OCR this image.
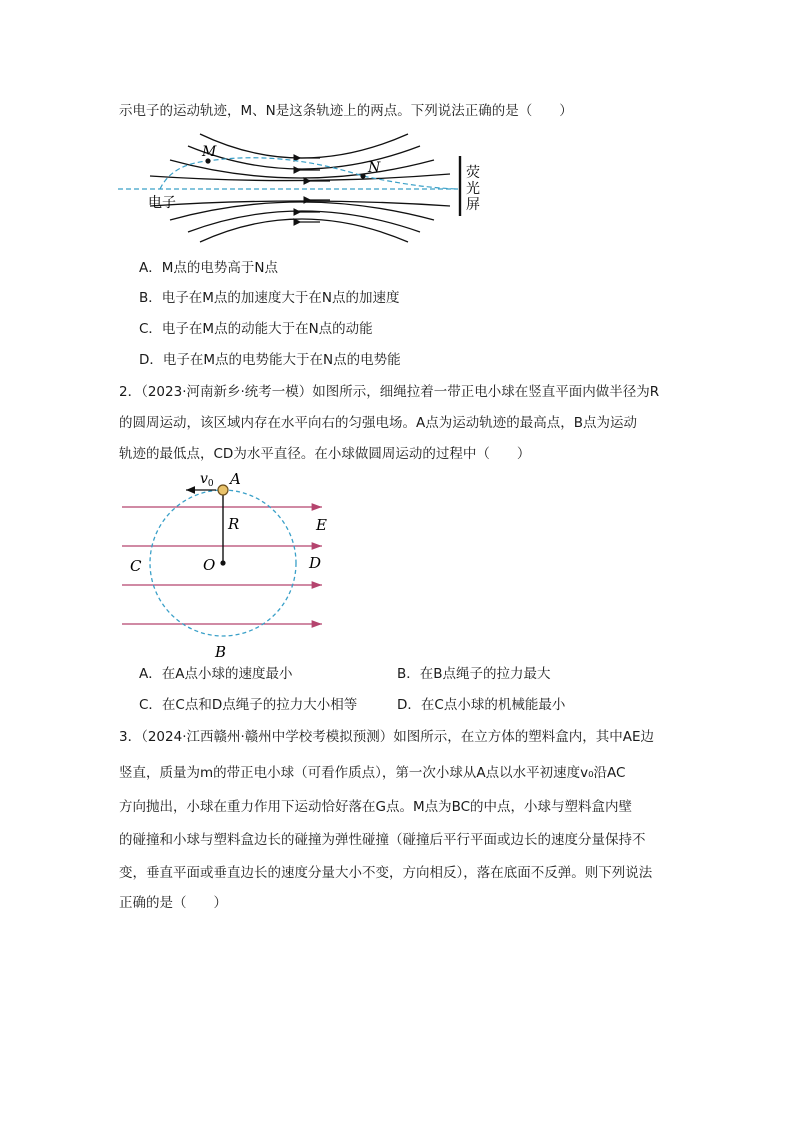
示电子的运动轨迹，M、N是这条轨迹上的两点。下列说法正确的是（　　）
M
N
电子
荧
光
屏
A．M点的电势高于N点
B．电子在M点的加速度大于在N点的加速度
C．电子在M点的动能大于在N点的动能
D．电子在M点的电势能大于在N点的电势能
2．（2023·河南新乡·统考一模）如图所示，细绳拉着一带正电小球在竖直平面内做半径为R
的圆周运动，该区域内存在水平向右的匀强电场。A点为运动轨迹的最高点，B点为运动
轨迹的最低点，CD为水平直径。在小球做圆周运动的过程中（　　）
$v_0$ A
R	E
O
C	D
B
A．在A点小球的速度最小	B．在B点绳子的拉力最大
C．在C点和D点绳子的拉力大小相等	D．在C点小球的机械能最小
3．（2024·江西赣州·赣州中学校考模拟预测）如图所示，在立方体的塑料盒内，其中AE边
竖直，质量为m的带正电小球（可看作质点），第一次小球从A点以水平初速度v₀沿AC
方向抛出，小球在重力作用下运动恰好落在G点。M点为BC的中点，小球与塑料盒内壁
的碰撞和小球与塑料盒边长的碰撞为弹性碰撞（碰撞后平行平面或边长的速度分量保持不
变，垂直平面或垂直边长的速度分量大小不变，方向相反），落在底面不反弹。则下列说法
正确的是（　　）
